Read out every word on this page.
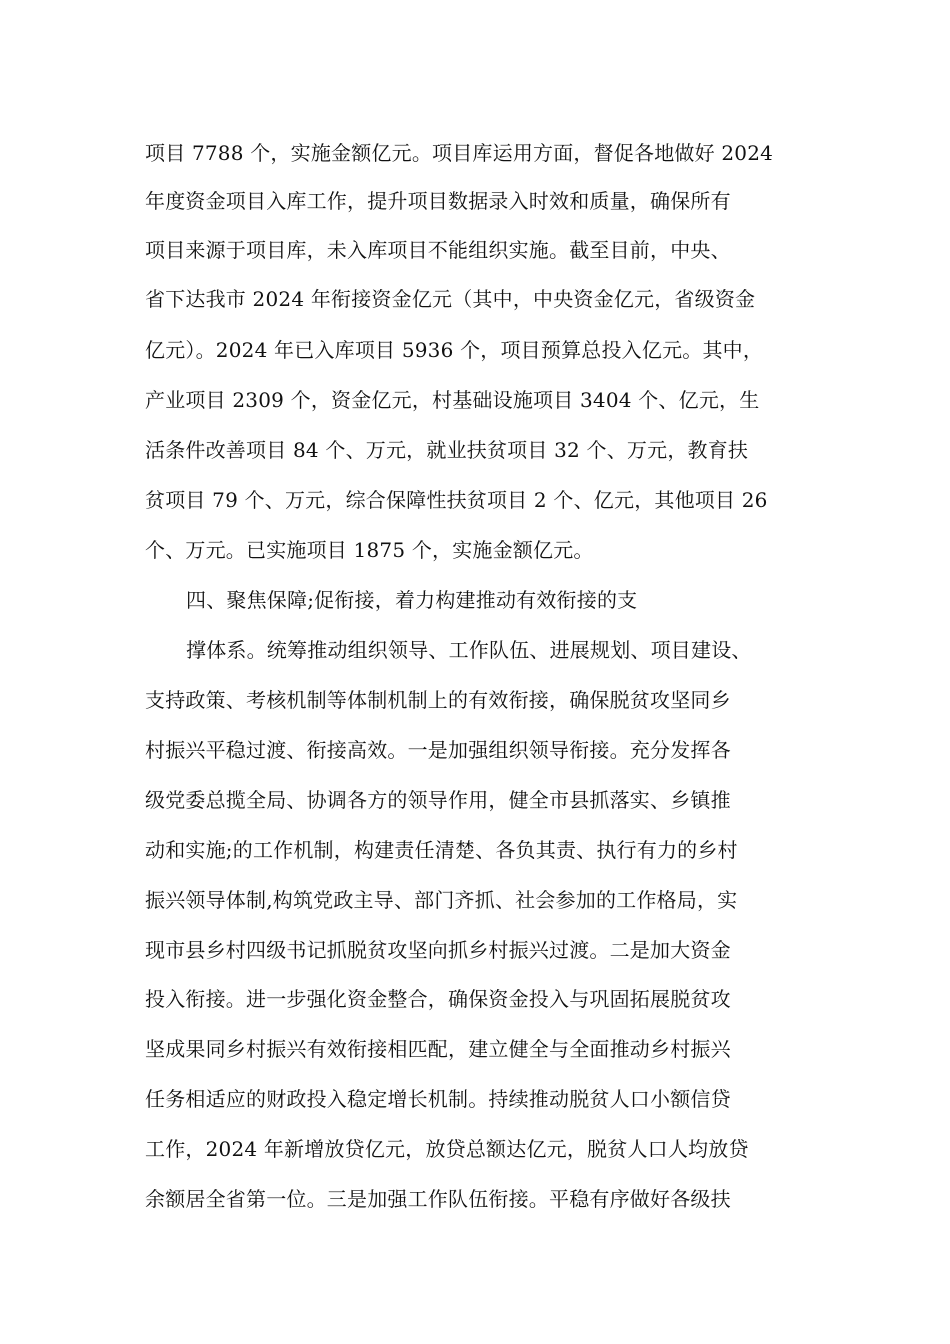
项目 7788 个，实施金额亿元。项目库运用方面，督促各地做好 2024
年度资金项目入库工作，提升项目数据录入时效和质量，确保所有
项目来源于项目库，未入库项目不能组织实施。截至目前，中央、
省下达我市 2024 年衔接资金亿元（其中，中央资金亿元，省级资金
亿元）。2024 年已入库项目 5936 个，项目预算总投入亿元。其中，
产业项目 2309 个，资金亿元，村基础设施项目 3404 个、亿元，生
活条件改善项目 84 个、万元，就业扶贫项目 32 个、万元，教育扶
贫项目 79 个、万元，综合保障性扶贫项目 2 个、亿元，其他项目 26
个、万元。已实施项目 1875 个，实施金额亿元。
四、聚焦保障;促衔接，着力构建推动有效衔接的支
撑体系。统筹推动组织领导、工作队伍、进展规划、项目建设、
支持政策、考核机制等体制机制上的有效衔接，确保脱贫攻坚同乡
村振兴平稳过渡、衔接高效。一是加强组织领导衔接。充分发挥各
级党委总揽全局、协调各方的领导作用，健全市县抓落实、乡镇推
动和实施;的工作机制，构建责任清楚、各负其责、执行有力的乡村
振兴领导体制,构筑党政主导、部门齐抓、社会参加的工作格局，实
现市县乡村四级书记抓脱贫攻坚向抓乡村振兴过渡。二是加大资金
投入衔接。进一步强化资金整合，确保资金投入与巩固拓展脱贫攻
坚成果同乡村振兴有效衔接相匹配，建立健全与全面推动乡村振兴
任务相适应的财政投入稳定增长机制。持续推动脱贫人口小额信贷
工作，2024 年新增放贷亿元，放贷总额达亿元，脱贫人口人均放贷
余额居全省第一位。三是加强工作队伍衔接。平稳有序做好各级扶
